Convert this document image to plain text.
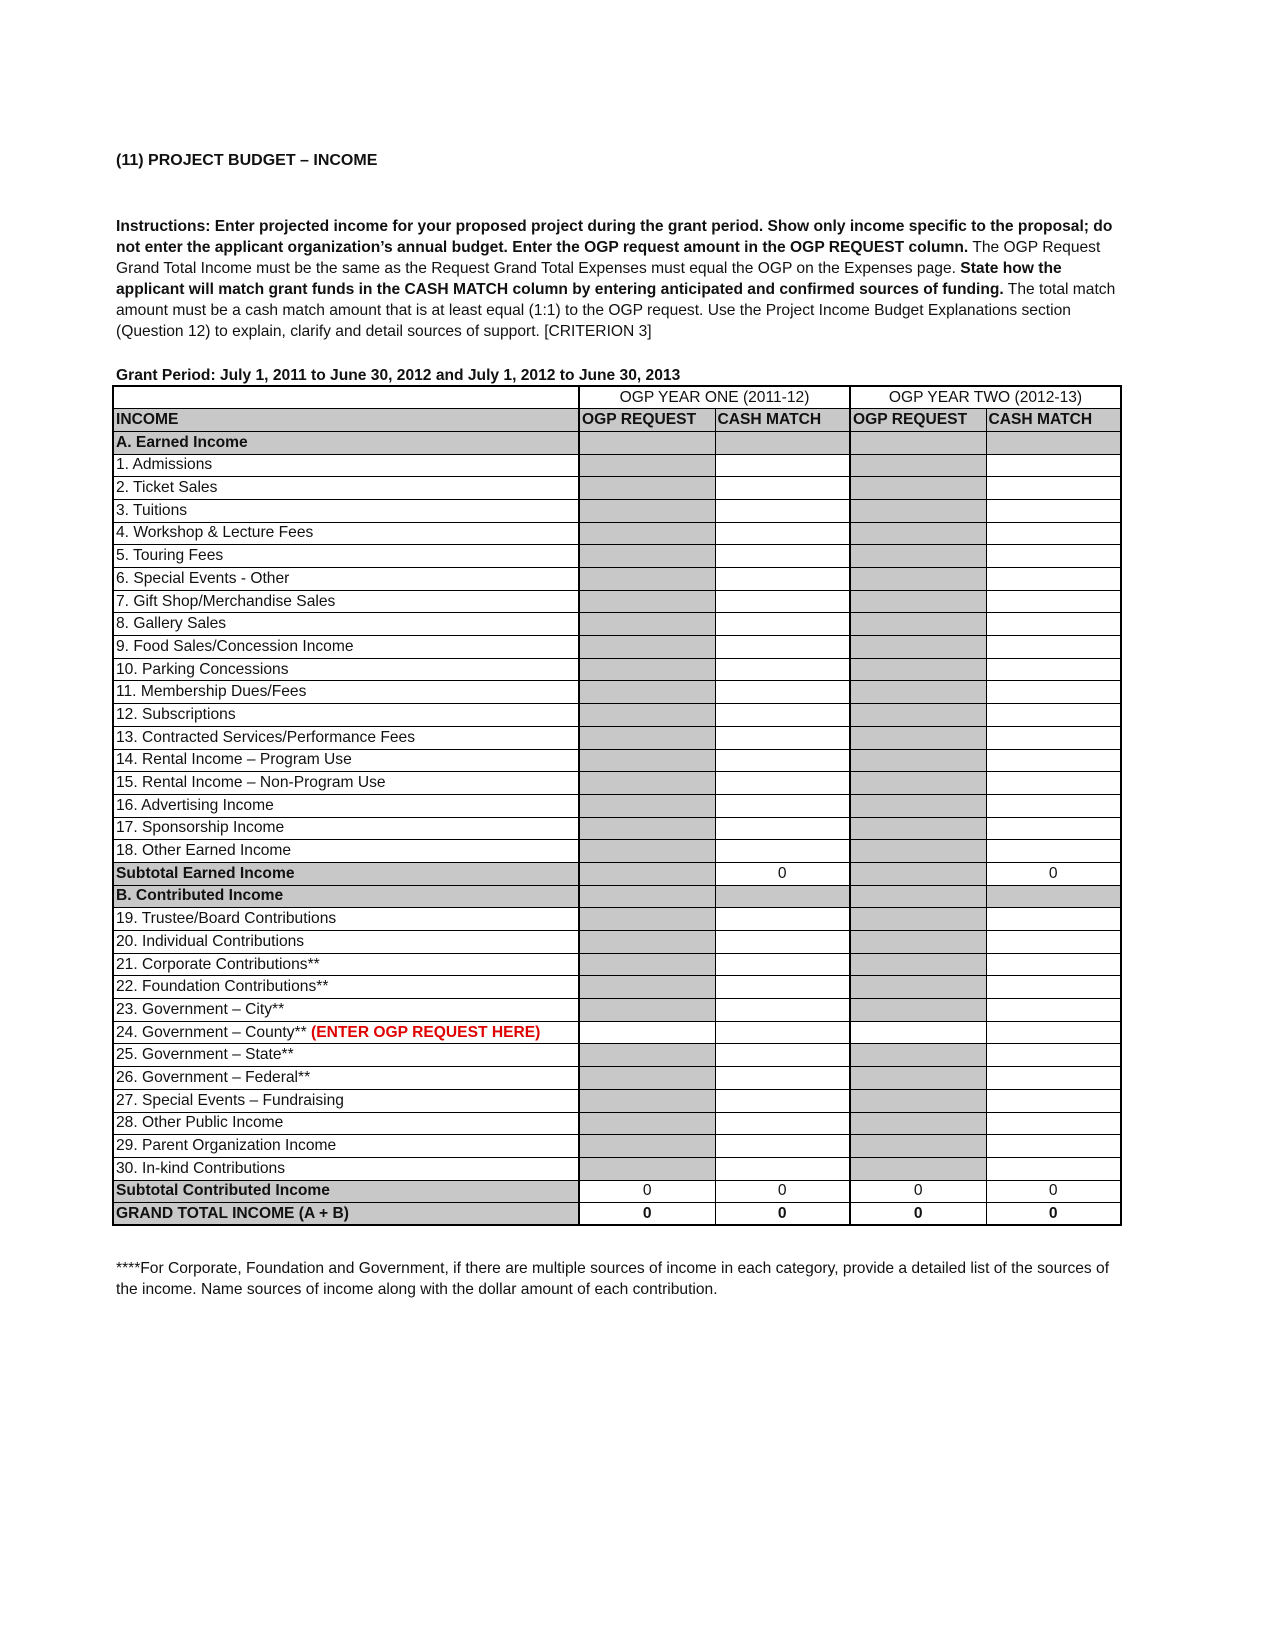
(11) PROJECT BUDGET – INCOME
Instructions: Enter projected income for your proposed project during the grant period. Show only income specific to the proposal; do not enter the applicant organization’s annual budget. Enter the OGP request amount in the OGP REQUEST column. The OGP Request Grand Total Income must be the same as the Request Grand Total Expenses must equal the OGP on the Expenses page. State how the applicant will match grant funds in the CASH MATCH column by entering anticipated and confirmed sources of funding. The total match amount must be a cash match amount that is at least equal (1:1) to the OGP request. Use the Project Income Budget Explanations section (Question 12) to explain, clarify and detail sources of support. [CRITERION 3]
Grant Period: July 1, 2011 to June 30, 2012 and July 1, 2012 to June 30, 2013
	OGP YEAR ONE (2011-12)		OGP YEAR TWO (2012-13)	
INCOME	OGP REQUEST	CASH MATCH	OGP REQUEST	CASH MATCH
A. Earned Income				
1. Admissions				
2. Ticket Sales				
3. Tuitions				
4. Workshop & Lecture Fees				
5. Touring Fees				
6. Special Events - Other				
7. Gift Shop/Merchandise Sales				
8. Gallery Sales				
9. Food Sales/Concession Income				
10. Parking Concessions				
11. Membership Dues/Fees				
12. Subscriptions				
13. Contracted Services/Performance Fees				
14. Rental Income – Program Use				
15. Rental Income – Non-Program Use				
16. Advertising Income				
17. Sponsorship Income				
18. Other Earned Income				
Subtotal Earned Income		0		0
B. Contributed Income				
19. Trustee/Board Contributions				
20. Individual Contributions				
21. Corporate Contributions**				
22. Foundation Contributions**				
23. Government – City**				
24. Government – County** (ENTER OGP REQUEST HERE)				
25. Government – State**				
26. Government – Federal**				
27. Special Events – Fundraising				
28. Other Public Income				
29. Parent Organization Income				
30. In-kind Contributions				
Subtotal Contributed Income	0	0	0	0
GRAND TOTAL INCOME (A + B)	0	0	0	0
****For Corporate, Foundation and Government, if there are multiple sources of income in each category, provide a detailed list of the sources of the income. Name sources of income along with the dollar amount of each contribution.
